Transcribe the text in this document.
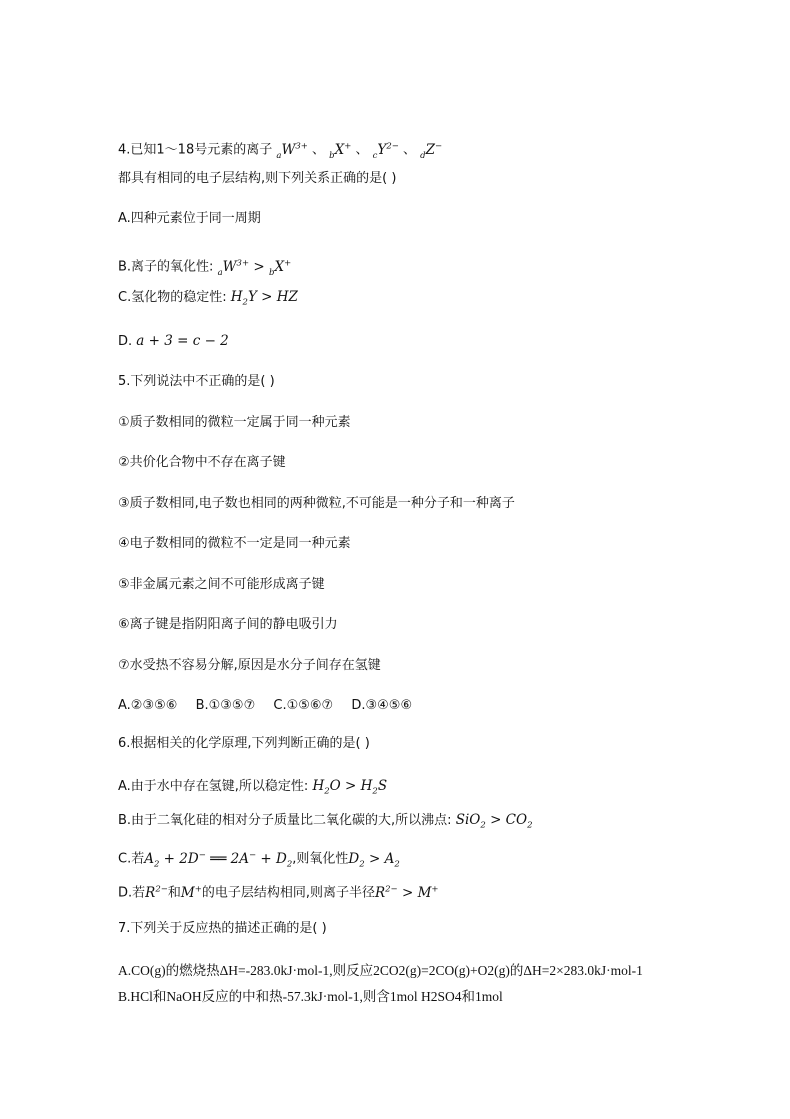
4.已知1～18号元素的离子 $_aW^{3+}$ 、 $_b$X+ 、 $_cY^{2-}$ 、 $_d$Z−
都具有相同的电子层结构,则下列关系正确的是( )
A.四种元素位于同一周期
B.离子的氧化性: $_aW^{3+} > _bX^+$
C.氢化物的稳定性: $H_2Y$ > HZ
D. a + 3 = c − 2
5.下列说法中不正确的是( )
①质子数相同的微粒一定属于同一种元素
②共价化合物中不存在离子键
③质子数相同,电子数也相同的两种微粒,不可能是一种分子和一种离子
④电子数相同的微粒不一定是同一种元素
⑤非金属元素之间不可能形成离子键
⑥离子键是指阴阳离子间的静电吸引力
⑦水受热不容易分解,原因是水分子间存在氢键
A.②③⑤⑥ B.①③⑤⑦ C.①⑤⑥⑦ D.③④⑤⑥
6.根据相关的化学原理,下列判断正确的是( )
A.由于水中存在氢键,所以稳定性: $H_2O > H_2S$
B.由于二氧化硅的相对分子质量比二氧化碳的大,所以沸点: $SiO_2 > CO_2$
C.若$A_2 + 2D^-$ ══ $2A^- + D_2$,则氧化性$D_2 > A_2$
D.若$R^{2-}$和M+的电子层结构相同,则离子半径$R^{2-} > M^+$
7.下列关于反应热的描述正确的是( )
A.CO(g)的燃烧热ΔH=-283.0kJ·mol-1,则反应2CO2(g)=2CO(g)+O2(g)的ΔH=2×283.0kJ·mol-1
B.HCl和NaOH反应的中和热-57.3kJ·mol-1,则含1mol H2SO4和1mol
